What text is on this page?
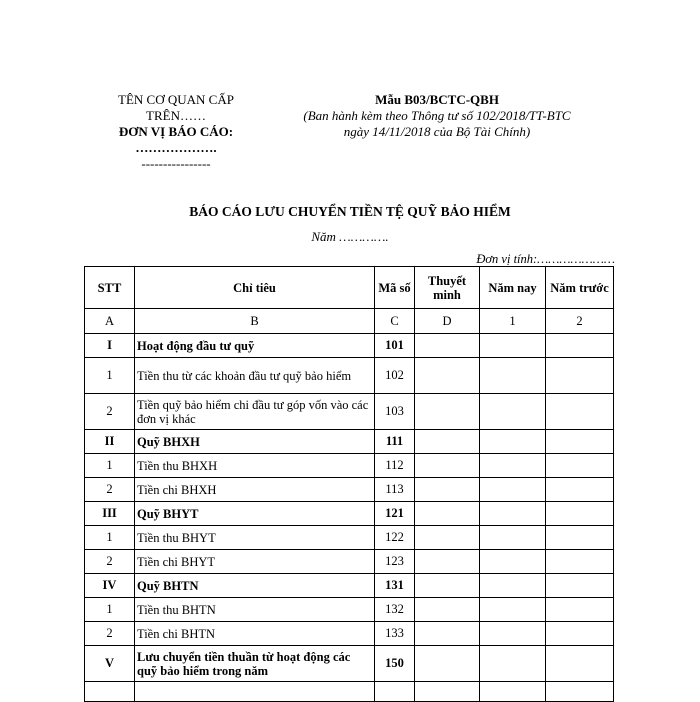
TÊN CƠ QUAN CẤP
TRÊN……
ĐƠN VỊ BÁO CÁO:
……………….
----------------
Mẫu B03/BCTC-QBH
(Ban hành kèm theo Thông tư số 102/2018/TT-BTC
ngày 14/11/2018 của Bộ Tài Chính)
BÁO CÁO LƯU CHUYỂN TIỀN TỆ QUỸ BẢO HIỂM
Năm ………….
Đơn vị tính:…………………
STT	Chỉ tiêu	Mã số	Thuyết minh	Năm nay	Năm trước
A	B	C	D	1	2
I	Hoạt động đầu tư quỹ	101			
1	Tiền thu từ các khoản đầu tư quỹ bảo hiểm	102			
2	Tiền quỹ bảo hiểm chi đầu tư góp vốn vào các đơn vị khác	103			
II	Quỹ BHXH	111			
1	Tiền thu BHXH	112			
2	Tiền chi BHXH	113			
III	Quỹ BHYT	121			
1	Tiền thu BHYT	122			
2	Tiền chi BHYT	123			
IV	Quỹ BHTN	131			
1	Tiền thu BHTN	132			
2	Tiền chi BHTN	133			
V	Lưu chuyển tiền thuần từ hoạt động các quỹ bảo hiểm trong năm	150			
